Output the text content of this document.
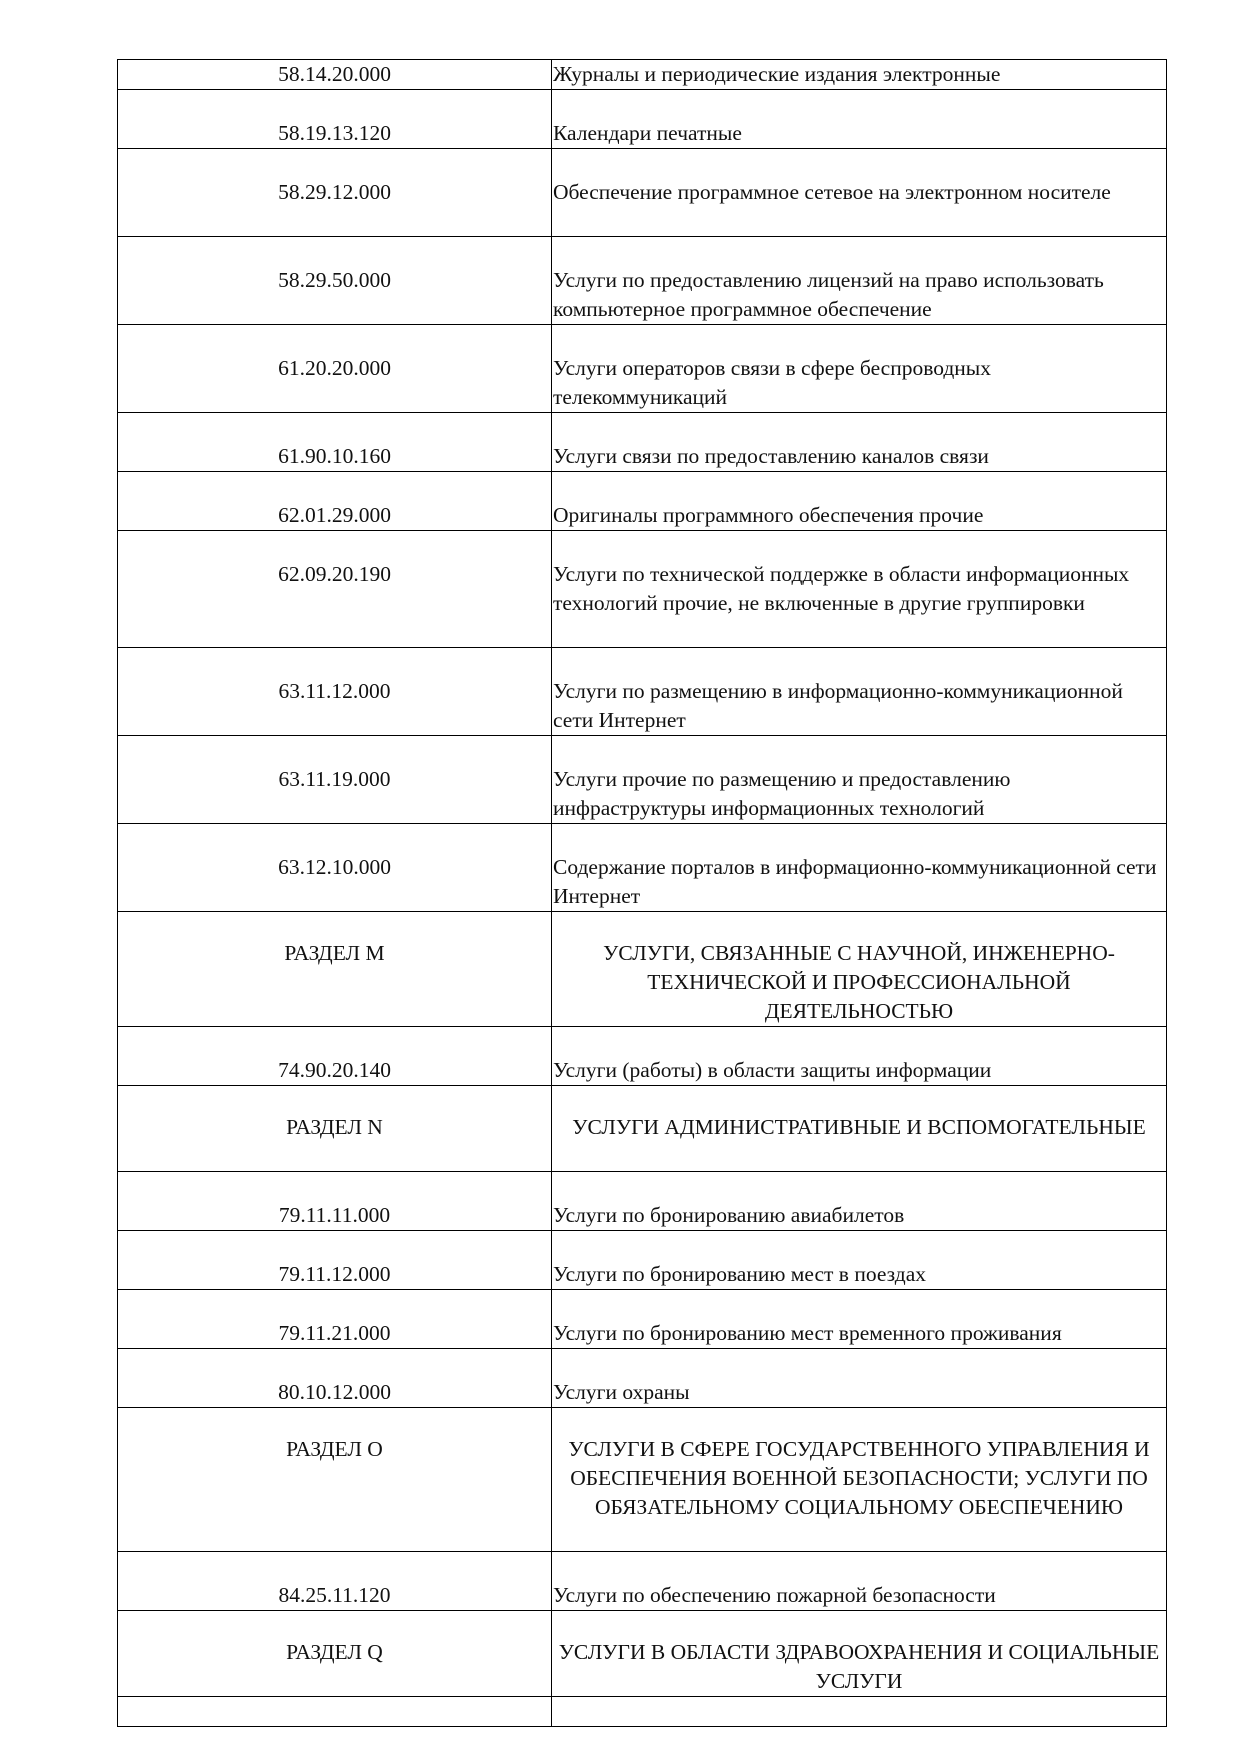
58.14.20.000	Журналы и периодические издания электронные
58.19.13.120	Календари печатные
58.29.12.000	Обеспечение программное сетевое на электронном носителе
58.29.50.000	Услуги по предоставлению лицензий на право использовать компьютерное программное обеспечение
61.20.20.000	Услуги операторов связи в сфере беспроводных телекоммуникаций
61.90.10.160	Услуги связи по предоставлению каналов связи
62.01.29.000	Оригиналы программного обеспечения прочие
62.09.20.190	Услуги по технической поддержке в области информационных технологий прочие, не включенные в другие группировки
63.11.12.000	Услуги по размещению в информационно-коммуникационной сети Интернет
63.11.19.000	Услуги прочие по размещению и предоставлению инфраструктуры информационных технологий
63.12.10.000	Содержание порталов в информационно-коммуникационной сети Интернет
РАЗДЕЛ M	УСЛУГИ, СВЯЗАННЫЕ С НАУЧНОЙ, ИНЖЕНЕРНО-ТЕХНИЧЕСКОЙ И ПРОФЕССИОНАЛЬНОЙ ДЕЯТЕЛЬНОСТЬЮ
74.90.20.140	Услуги (работы) в области защиты информации
РАЗДЕЛ N	УСЛУГИ АДМИНИСТРАТИВНЫЕ И ВСПОМОГАТЕЛЬНЫЕ
79.11.11.000	Услуги по бронированию авиабилетов
79.11.12.000	Услуги по бронированию мест в поездах
79.11.21.000	Услуги по бронированию мест временного проживания
80.10.12.000	Услуги охраны
РАЗДЕЛ O	УСЛУГИ В СФЕРЕ ГОСУДАРСТВЕННОГО УПРАВЛЕНИЯ И ОБЕСПЕЧЕНИЯ ВОЕННОЙ БЕЗОПАСНОСТИ; УСЛУГИ ПО ОБЯЗАТЕЛЬНОМУ СОЦИАЛЬНОМУ ОБЕСПЕЧЕНИЮ
84.25.11.120	Услуги по обеспечению пожарной безопасности
РАЗДЕЛ Q	УСЛУГИ В ОБЛАСТИ ЗДРАВООХРАНЕНИЯ И СОЦИАЛЬНЫЕ УСЛУГИ
